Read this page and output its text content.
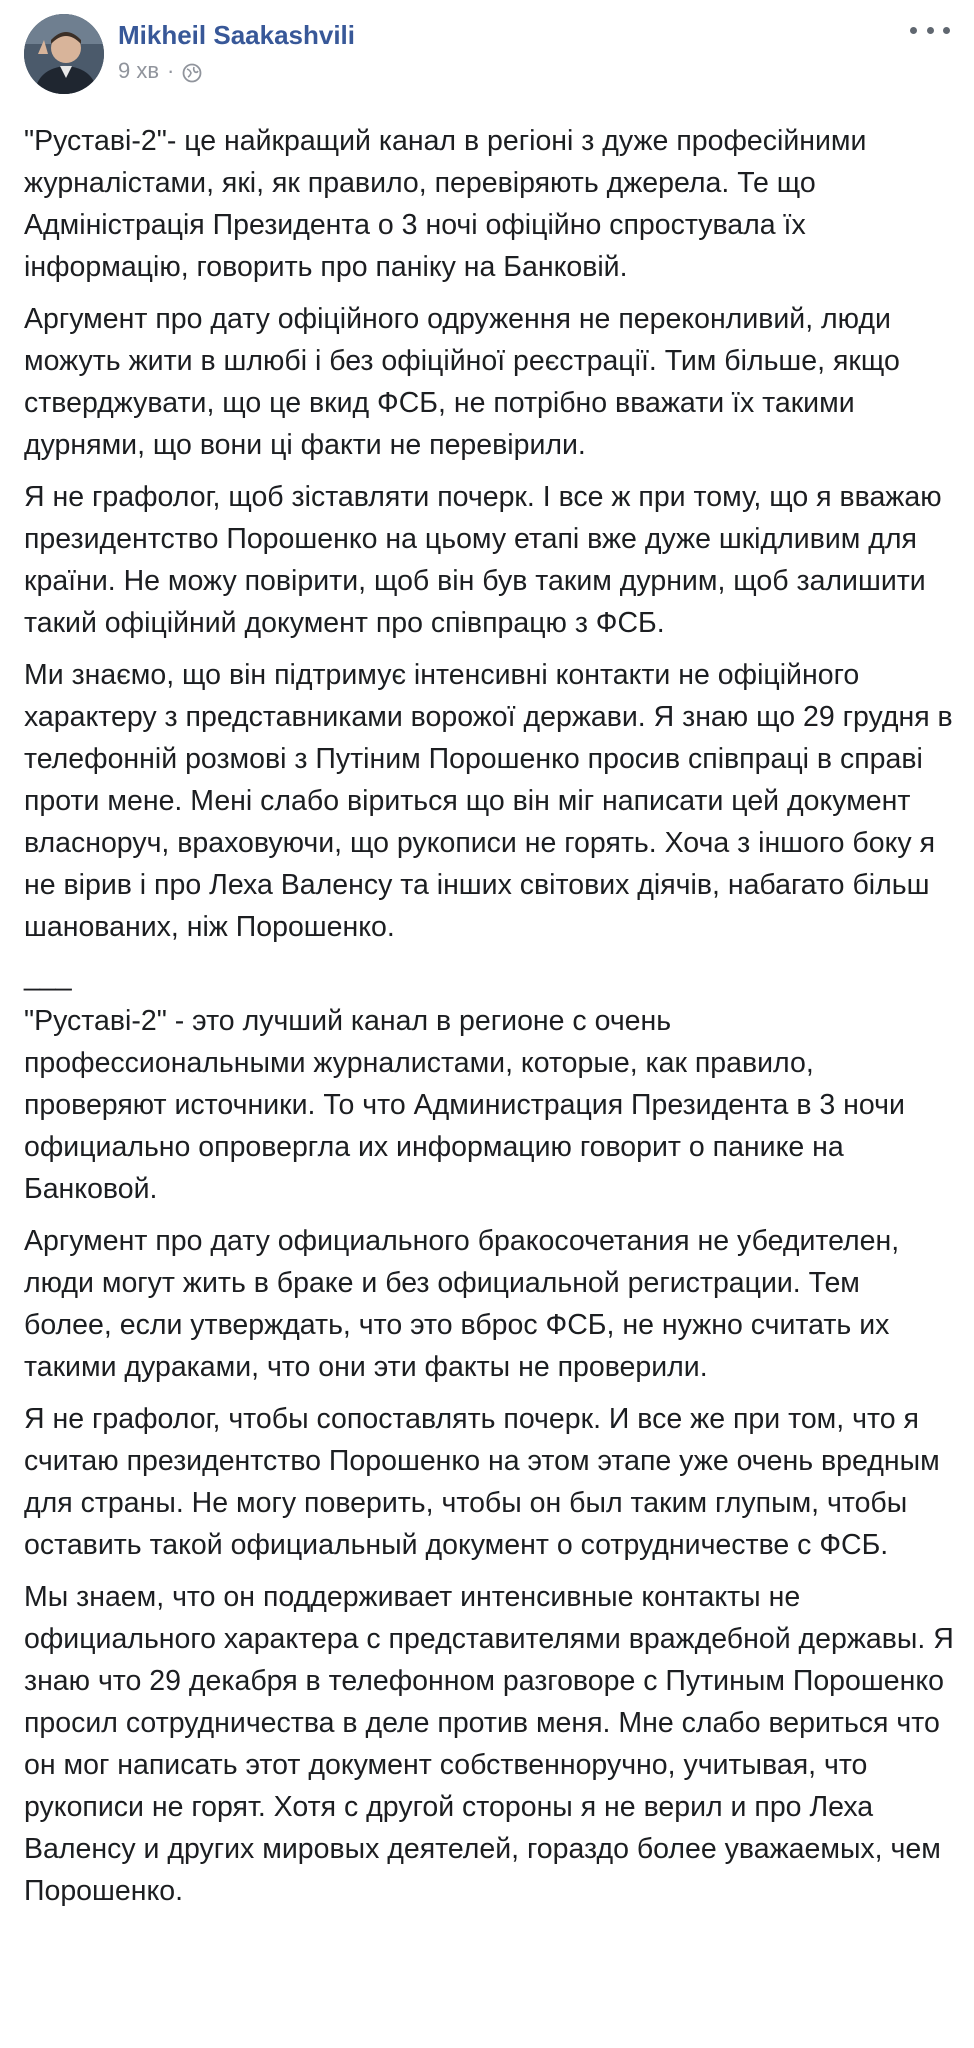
Mikheil Saakashvili
9 хв ·

"Руставі-2"- це найкращий канал в регіоні з дуже професійними журналістами, які, як правило, перевіряють джерела. Те що Адміністрація Президента о 3 ночі офіційно спростувала їх інформацію, говорить про паніку на Банковій.

Аргумент про дату офіційного одруження не переконливий, люди можуть жити в шлюбі і без офіційної реєстрації. Тим більше, якщо стверджувати, що це вкид ФСБ, не потрібно вважати їх такими дурнями, що вони ці факти не перевірили.

Я не графолог, щоб зіставляти почерк. І все ж при тому, що я вважаю президентство Порошенко на цьому етапі вже дуже шкідливим для країни. Не можу повірити, щоб він був таким дурним, щоб залишити такий офіційний документ про співпрацю з ФСБ.

Ми знаємо, що він підтримує інтенсивні контакти не офіційного характеру з представниками ворожої держави. Я знаю що 29 грудня в телефонній розмові з Путіним Порошенко просив співпраці в справі проти мене. Мені слабо віриться що він міг написати цей документ власноруч, враховуючи, що рукописи не горять. Хоча з іншого боку я не вірив і про Леха Валенсу та інших світових діячів, набагато більш шанованих, ніж Порошенко.

___

"Руставі-2" - это лучший канал в регионе с очень профессиональными журналистами, которые, как правило, проверяют источники. То что Администрация Президента в 3 ночи официально опровергла их информацию говорит о панике на Банковой.

Аргумент про дату официального бракосочетания не убедителен, люди могут жить в браке и без официальной регистрации. Тем более, если утверждать, что это вброс ФСБ, не нужно считать их такими дураками, что они эти факты не проверили.

Я не графолог, чтобы сопоставлять почерк. И все же при том, что я считаю президентство Порошенко на этом этапе уже очень вредным для страны. Не могу поверить, чтобы он был таким глупым, чтобы оставить такой официальный документ о сотрудничестве с ФСБ.

Мы знаем, что он поддерживает интенсивные контакты не официального характера с представителями враждебной державы. Я знаю что 29 декабря в телефонном разговоре с Путиным Порошенко просил сотрудничества в деле против меня. Мне слабо вериться что он мог написать этот документ собственноручно, учитывая, что рукописи не горят. Хотя с другой стороны я не верил и про Леха Валенсу и других мировых деятелей, гораздо более уважаемых, чем Порошенко.
